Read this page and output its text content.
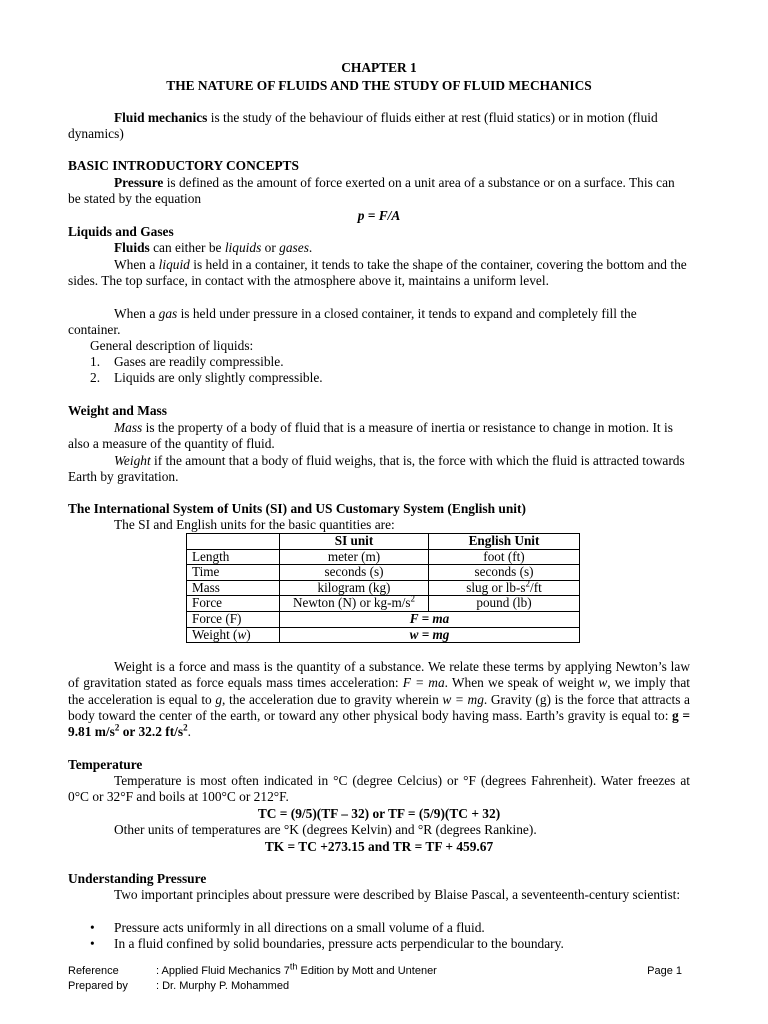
CHAPTER 1
THE NATURE OF FLUIDS AND THE STUDY OF FLUID MECHANICS

Fluid mechanics is the study of the behaviour of fluids either at rest (fluid statics) or in motion (fluid dynamics)

BASIC INTRODUCTORY CONCEPTS

Pressure is defined as the amount of force exerted on a unit area of a substance or on a surface. This can be stated by the equation

p = F/A
Liquids and Gases

Fluids can either be liquids or gases.

When a liquid is held in a container, it tends to take the shape of the container, covering the bottom and the sides. The top surface, in contact with the atmosphere above it, maintains a uniform level.

When a gas is held under pressure in a closed container, it tends to expand and completely fill the container.

General description of liquids:
1. Gases are readily compressible.
2. Liquids are only slightly compressible.
Weight and Mass

Mass is the property of a body of fluid that is a measure of inertia or resistance to change in motion. It is also a measure of the quantity of fluid.

Weight if the amount that a body of fluid weighs, that is, the force with which the fluid is attracted towards Earth by gravitation.

The International System of Units (SI) and US Customary System (English unit)
The SI and English units for the basic quantities are:
	SI unit	English Unit
Length	meter (m)	foot (ft)
Time	seconds (s)	seconds (s)
Mass	kilogram (kg)	slug or $lb-s^2/ft$
Force	Newton (N) or $kg-m/s^2$	pound (lb)
Force (F)	F = ma	
Weight (w)	w = mg	

Weight is a force and mass is the quantity of a substance. We relate these terms by applying Newton’s law of gravitation stated as force equals mass times acceleration: F = ma. When we speak of weight w, we imply that the acceleration is equal to g, the acceleration due to gravity wherein w = mg. Gravity (g) is the force that attracts a body toward the center of the earth, or toward any other physical body having mass. Earth’s gravity is equal to: g = 9.81 $m/s^2$ or 32.2 $ft/s^2$.

Temperature

Temperature is most often indicated in °C (degree Celcius) or °F (degrees Fahrenheit). Water freezes at 0°C or 32°F and boils at 100°C or 212°F.

TC = (9/5)(TF – 32) or TF = (5/9)(TC + 32)
Other units of temperatures are °K (degrees Kelvin) and °R (degrees Rankine).
TK = TC +273.15 and TR = TF + 459.67
Understanding Pressure

Two important principles about pressure were described by Blaise Pascal, a seventeenth-century scientist:

• Pressure acts uniformly in all directions on a small volume of a fluid.
• In a fluid confined by solid boundaries, pressure acts perpendicular to the boundary.
Reference	: Applied Fluid Mechanics 7th Edition by Mott and Untener	Page 1
Prepared by	: Dr. Murphy P. Mohammed
